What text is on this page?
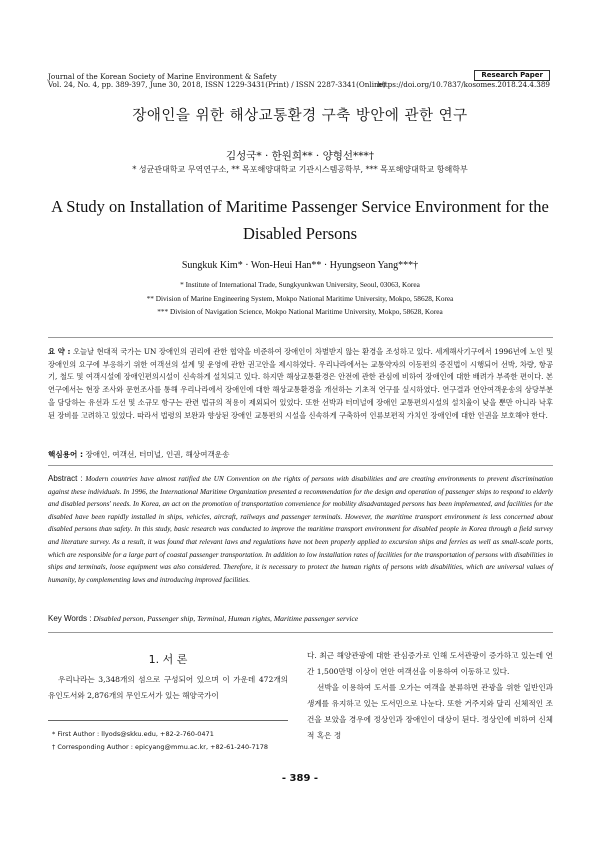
Journal of the Korean Society of Marine Environment & Safety
Vol. 24, No. 4, pp. 389-397, June 30, 2018, ISSN 1229-3431(Print) / ISSN 2287-3341(Online)
Research Paper
https://doi.org/10.7837/kosomes.2018.24.4.389
장애인을 위한 해상교통환경 구축 방안에 관한 연구
김성국* · 한원희** · 양형선***†
* 성균관대학교 무역연구소, ** 목포해양대학교 기관시스템공학부, *** 목포해양대학교 항해학부
A Study on Installation of Maritime Passenger Service Environment for the Disabled Persons
Sungkuk Kim* · Won-Heui Han** · Hyungseon Yang***†
* Institute of International Trade, Sungkyunkwan University, Seoul, 03063, Korea
** Division of Marine Engineering System, Mokpo National Maritime University, Mokpo, 58628, Korea
*** Division of Navigation Science, Mokpo National Maritime University, Mokpo, 58628, Korea
요 약 : 오늘날 현대적 국가는 UN 장애인의 권리에 관한 협약을 비준하여 장애인이 차별받지 않는 환경을 조성하고 있다. 세계해사기구에서 1996년에 노인 및 장애인의 요구에 부응하기 위한 여객선의 설계 및 운영에 관한 권고안을 제시하였다. 우리나라에서는 교통약자의 이동편의 증진법이 시행되어 선박, 차량, 항공기, 철도 및 여객시설에 장애인편의시설이 신속하게 설치되고 있다. 하지만 해상교통환경은 안전에 관한 관심에 비하여 장애인에 대한 배려가 부족한 편이다. 본 연구에서는 현장 조사와 문헌조사를 통해 우리나라에서 장애인에 대한 해상교통환경을 개선하는 기초적 연구를 실시하였다. 연구결과 연안여객운송의 상당부분을 담당하는 유선과 도선 및 소규모 항구는 관련 법규의 적용이 제외되어 있었다. 또한 선박과 터미널에 장애인 교통편의시설의 설치율이 낮을 뿐만 아니라 낙후된 장비를 고려하고 있었다. 따라서 법령의 보완과 향상된 장애인 교통편의 시설을 신속하게 구축하여 인류보편적 가치인 장애인에 대한 인권을 보호해야 한다.
핵심용어 : 장애인, 여객선, 터미널, 인권, 해상여객운송
Abstract : Modern countries have almost ratified the UN Convention on the rights of persons with disabilities and are creating environments to prevent discrimination against these individuals. In 1996, the International Maritime Organization presented a recommendation for the design and operation of passenger ships to respond to elderly and disabled persons' needs. In Korea, an act on the promotion of transportation convenience for mobility disadvantaged persons has been implemented, and facilities for the disabled have been rapidly installed in ships, vehicles, aircraft, railways and passenger terminals. However, the maritime transport environment is less concerned about disabled persons than safety. In this study, basic research was conducted to improve the maritime transport environment for disabled people in Korea through a field survey and literature survey. As a result, it was found that relevant laws and regulations have not been properly applied to excursion ships and ferries as well as small-scale ports, which are responsible for a large part of coastal passenger transportation. In addition to low installation rates of facilities for the transportation of persons with disabilities in ships and terminals, loose equipment was also considered. Therefore, it is necessary to protect the human rights of persons with disabilities, which are universal values of humanity, by complementing laws and introducing improved facilities.
Key Words : Disabled person, Passenger ship, Terminal, Human rights, Maritime passenger service
1. 서 론
우리나라는 3,348개의 섬으로 구성되어 있으며 이 가운데 472개의 유인도서와 2,876개의 무인도서가 있는 해양국가이

다. 최근 해양관광에 대한 관심증가로 인해 도서관광이 증가하고 있는데 연간 1,500만명 이상이 연안 여객선을 이용하여 이동하고 있다.

선박을 이용하여 도서를 오가는 여객을 분류하면 관광을 위한 일반인과 생계를 유지하고 있는 도서민으로 나눈다. 또한 거주지와 달리 신체적인 조건을 보았을 경우에 정상인과 장애인이 대상이 된다. 정상인에 비하여 신체적 혹은 정

* First Author : llyods@skku.edu, +82-2-760-0471
† Corresponding Author : epicyang@mmu.ac.kr, +82-61-240-7178
- 389 -
